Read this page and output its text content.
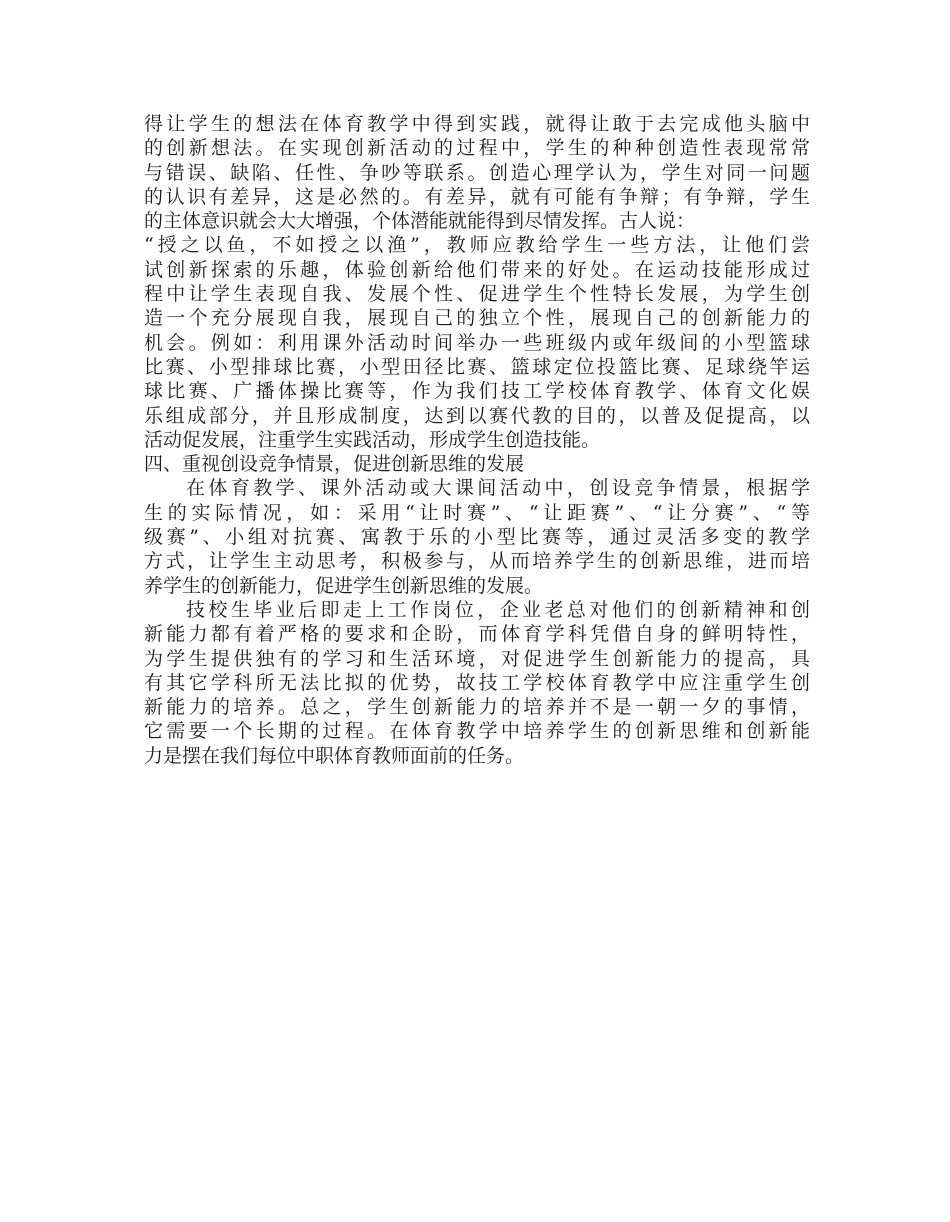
得让学生的想法在体育教学中得到实践，就得让敢于去完成他头脑中
的创新想法。在实现创新活动的过程中，学生的种种创造性表现常常
与错误、缺陷、任性、争吵等联系。创造心理学认为，学生对同一问题
的认识有差异，这是必然的。有差异，就有可能有争辩；有争辩，学生
的主体意识就会大大增强，个体潜能就能得到尽情发挥。古人说：
“授之以鱼，不如授之以渔”，教师应教给学生一些方法，让他们尝
试创新探索的乐趣，体验创新给他们带来的好处。在运动技能形成过
程中让学生表现自我、发展个性、促进学生个性特长发展，为学生创
造一个充分展现自我，展现自己的独立个性，展现自己的创新能力的
机会。例如：利用课外活动时间举办一些班级内或年级间的小型篮球
比赛、小型排球比赛，小型田径比赛、篮球定位投篮比赛、足球绕竿运
球比赛、广播体操比赛等，作为我们技工学校体育教学、体育文化娱
乐组成部分，并且形成制度，达到以赛代教的目的，以普及促提高，以
活动促发展，注重学生实践活动，形成学生创造技能。
四、重视创设竞争情景，促进创新思维的发展
在体育教学、课外活动或大课间活动中，创设竞争情景，根据学
生的实际情况，如：采用“让时赛”、“让距赛”、“让分赛”、“等
级赛”、小组对抗赛、寓教于乐的小型比赛等，通过灵活多变的教学
方式，让学生主动思考，积极参与，从而培养学生的创新思维，进而培
养学生的创新能力，促进学生创新思维的发展。
技校生毕业后即走上工作岗位，企业老总对他们的创新精神和创
新能力都有着严格的要求和企盼，而体育学科凭借自身的鲜明特性，
为学生提供独有的学习和生活环境，对促进学生创新能力的提高，具
有其它学科所无法比拟的优势，故技工学校体育教学中应注重学生创
新能力的培养。总之，学生创新能力的培养并不是一朝一夕的事情，
它需要一个长期的过程。在体育教学中培养学生的创新思维和创新能
力是摆在我们每位中职体育教师面前的任务。
